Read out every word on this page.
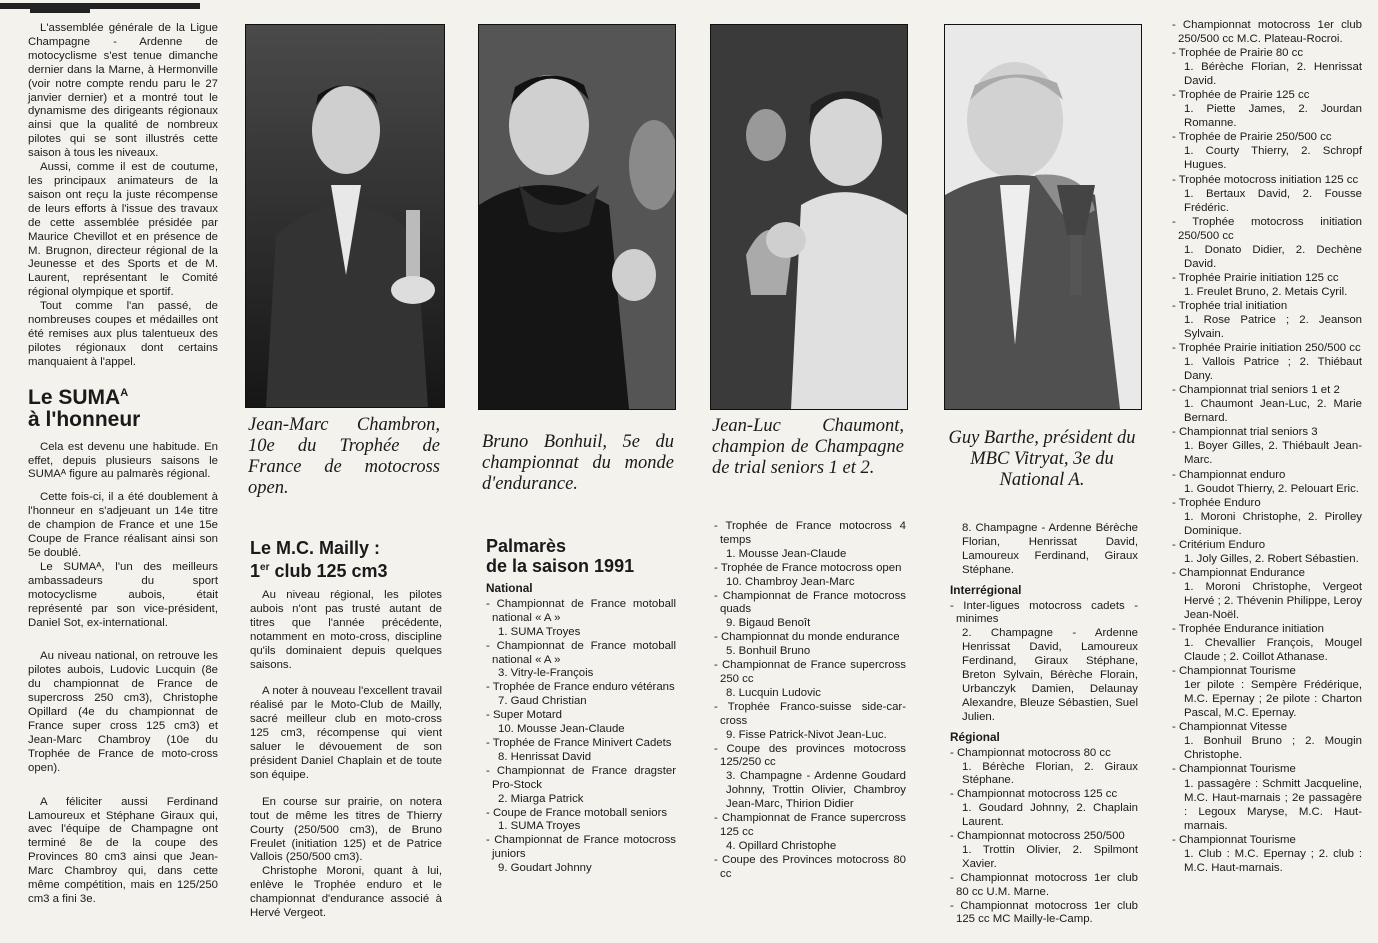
L'assemblée générale de la Ligue Champagne - Ardenne de motocyclisme s'est tenue dimanche dernier dans la Marne, à Hermonville (voir notre compte rendu paru le 27 janvier dernier) et a montré tout le dynamisme des dirigeants régionaux ainsi que la qualité de nombreux pilotes qui se sont illustrés cette saison à tous les niveaux.

Aussi, comme il est de coutume, les principaux animateurs de la saison ont reçu la juste récompense de leurs efforts à l'issue des travaux de cette assemblée présidée par Maurice Chevillot et en présence de M. Brugnon, directeur régional de la Jeunesse et des Sports et de M. Laurent, représentant le Comité régional olympique et sportif.

Tout comme l'an passé, de nombreuses coupes et médailles ont été remises aux plus talentueux des pilotes régionaux dont certains manquaient à l'appel.

Le $SUMA^A$
à l'honneur

Cela est devenu une habitude. En effet, depuis plusieurs saisons le SUMAᴬ figure au palmarès régional.

Cette fois-ci, il a été doublement à l'honneur en s'adjeuant un 14e titre de champion de France et une 15e Coupe de France réalisant ainsi son 5e doublé.

Le SUMAᴬ, l'un des meilleurs ambassadeurs du sport motocyclisme aubois, était représenté par son vice-président, Daniel Sot, ex-international.

Au niveau national, on retrouve les pilotes aubois, Ludovic Lucquin (8e du championnat de France de supercross 250 cm3), Christophe Opillard (4e du championnat de France super cross 125 cm3) et Jean-Marc Chambroy (10e du Trophée de France de moto-cross open).

A féliciter aussi Ferdinand Lamoureux et Stéphane Giraux qui, avec l'équipe de Champagne ont terminé 8e de la coupe des Provinces 80 cm3 ainsi que Jean-Marc Chambroy qui, dans cette même compétition, mais en 125/250 cm3 a fini 3e.

Jean-Marc Chambron, 10e du Trophée de France de motocross open.
Bruno Bonhuil, 5e du championnat du monde d'endurance.
Jean-Luc Chaumont, champion de Champagne de trial seniors 1 et 2.
Guy Barthe, président du MBC Vitryat, 3e du National A.
Le M.C. Mailly :
1er club 125 cm3

Au niveau régional, les pilotes aubois n'ont pas trusté autant de titres que l'année précédente, notamment en moto-cross, discipline qu'ils dominaient depuis quelques saisons.

A noter à nouveau l'excellent travail réalisé par le Moto-Club de Mailly, sacré meilleur club en moto-cross 125 cm3, récompense qui vient saluer le dévouement de son président Daniel Chaplain et de toute son équipe.

En course sur prairie, on notera tout de même les titres de Thierry Courty (250/500 cm3), de Bruno Freulet (initiation 125) et de Patrice Vallois (250/500 cm3).

Christophe Moroni, quant à lui, enlève le Trophée enduro et le championnat d'endurance associé à Hervé Vergeot.

Palmarès
de la saison 1991
National
- Championnat de France motoball national « A »
1. SUMA Troyes
- Championnat de France motoball national « A »
3. Vitry-le-François
- Trophée de France enduro vétérans
7. Gaud Christian
- Super Motard
10. Mousse Jean-Claude
- Trophée de France Minivert Cadets
8. Henrissat David
- Championnat de France dragster Pro-Stock
2. Miarga Patrick
- Coupe de France motoball seniors
1. SUMA Troyes
- Championnat de France motocross juniors
9. Goudart Johnny
- Trophée de France motocross 4 temps
1. Mousse Jean-Claude
- Trophée de France motocross open
10. Chambroy Jean-Marc
- Championnat de France motocross quads
9. Bigaud Benoît
- Championnat du monde endurance
5. Bonhuil Bruno
- Championnat de France supercross 250 cc
8. Lucquin Ludovic
- Trophée Franco-suisse side-car-cross
9. Fisse Patrick-Nivot Jean-Luc.
- Coupe des provinces motocross 125/250 cc
3. Champagne - Ardenne Goudard Johnny, Trottin Olivier, Chambroy Jean-Marc, Thirion Didier
- Championnat de France supercross 125 cc
4. Opillard Christophe
- Coupe des Provinces motocross 80 cc
8. Champagne - Ardenne Bérèche Florian, Henrissat David, Lamoureux Ferdinand, Giraux Stéphane.
Interrégional
- Inter-ligues motocross cadets - minimes
2. Champagne - Ardenne Henrissat David, Lamoureux Ferdinand, Giraux Stéphane, Breton Sylvain, Bérèche Florain, Urbanczyk Damien, Delaunay Alexandre, Bleuze Sébastien, Suel Julien.
Régional
- Championnat motocross 80 cc
1. Bérèche Florian, 2. Giraux Stéphane.
- Championnat motocross 125 cc
1. Goudard Johnny, 2. Chaplain Laurent.
- Championnat motocross 250/500
1. Trottin Olivier, 2. Spilmont Xavier.
- Championnat motocross 1er club 80 cc U.M. Marne.
- Championnat motocross 1er club 125 cc MC Mailly-le-Camp.
- Championnat motocross 1er club 250/500 cc M.C. Plateau-Rocroi.
- Trophée de Prairie 80 cc
1. Bérèche Florian, 2. Henrissat David.
- Trophée de Prairie 125 cc
1. Piette James, 2. Jourdan Romanne.
- Trophée de Prairie 250/500 cc
1. Courty Thierry, 2. Schropf Hugues.
- Trophée motocross initiation 125 cc
1. Bertaux David, 2. Fousse Frédéric.
- Trophée motocross initiation 250/500 cc
1. Donato Didier, 2. Dechène David.
- Trophée Prairie initiation 125 cc
1. Freulet Bruno, 2. Metais Cyril.
- Trophée trial initiation
1. Rose Patrice ; 2. Jeanson Sylvain.
- Trophée Prairie initiation 250/500 cc
1. Vallois Patrice ; 2. Thiébaut Dany.
- Championnat trial seniors 1 et 2
1. Chaumont Jean-Luc, 2. Marie Bernard.
- Championnat trial seniors 3
1. Boyer Gilles, 2. Thiébault Jean-Marc.
- Championnat enduro
1. Goudot Thierry, 2. Pelouart Eric.
- Trophée Enduro
1. Moroni Christophe, 2. Pirolley Dominique.
- Critérium Enduro
1. Joly Gilles, 2. Robert Sébastien.
- Championnat Endurance
1. Moroni Christophe, Vergeot Hervé ; 2. Thévenin Philippe, Leroy Jean-Noël.
- Trophée Endurance initiation
1. Chevallier François, Mougel Claude ; 2. Coillot Athanase.
- Championnat Tourisme
1er pilote : Sempère Frédérique, M.C. Epernay ; 2e pilote : Charton Pascal, M.C. Epernay.
- Championnat Vitesse
1. Bonhuil Bruno ; 2. Mougin Christophe.
- Championnat Tourisme
1. passagère : Schmitt Jacqueline, M.C. Haut-marnais ; 2e passagère : Legoux Maryse, M.C. Haut-marnais.
- Championnat Tourisme
1. Club : M.C. Epernay ; 2. club : M.C. Haut-marnais.
